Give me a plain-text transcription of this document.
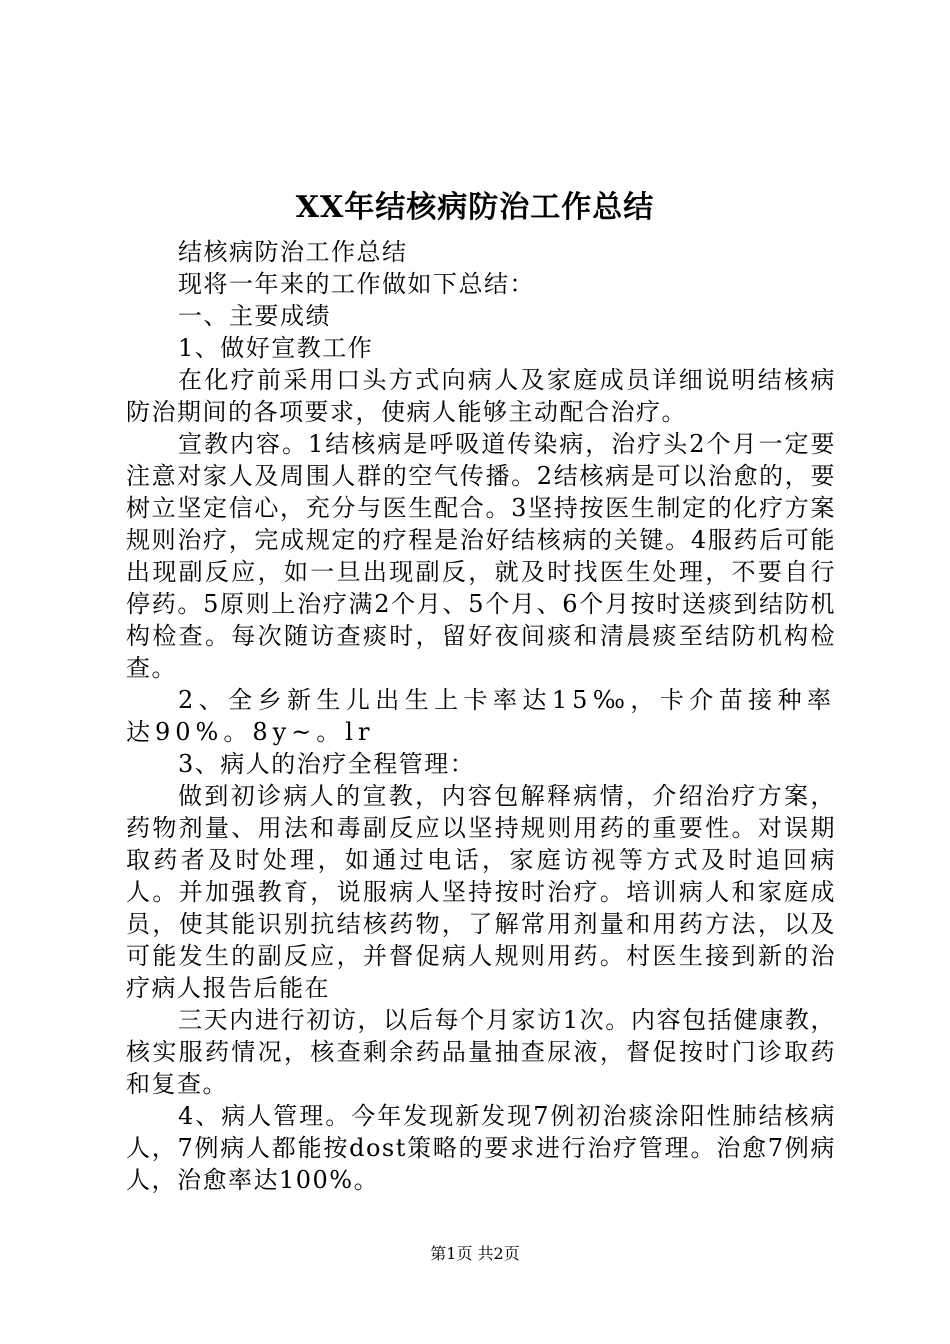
XX年结核病防治工作总结

结核病防治工作总结

现将一年来的工作做如下总结：

一、主要成绩

1、做好宣教工作

在化疗前采用口头方式向病人及家庭成员详细说明结核病防治期间的各项要求，使病人能够主动配合治疗。

宣教内容。1结核病是呼吸道传染病，治疗头2个月一定要注意对家人及周围人群的空气传播。2结核病是可以治愈的，要树立坚定信心，充分与医生配合。3坚持按医生制定的化疗方案规则治疗，完成规定的疗程是治好结核病的关键。4服药后可能出现副反应，如一旦出现副反，就及时找医生处理，不要自行停药。5原则上治疗满2个月、5个月、6个月按时送痰到结防机构检查。每次随访查痰时，留好夜间痰和清晨痰至结防机构检查。

2、全乡新生儿出生上卡率达15‰，卡介苗接种率达90%。8y~。lr

3、病人的治疗全程管理：

做到初诊病人的宣教，内容包解释病情，介绍治疗方案，药物剂量、用法和毒副反应以坚持规则用药的重要性。对误期取药者及时处理，如通过电话，家庭访视等方式及时追回病人。并加强教育，说服病人坚持按时治疗。培训病人和家庭成员，使其能识别抗结核药物，了解常用剂量和用药方法，以及可能发生的副反应，并督促病人规则用药。村医生接到新的治疗病人报告后能在

三天内进行初访，以后每个月家访1次。内容包括健康教，核实服药情况，核查剩余药品量抽查尿液，督促按时门诊取药和复查。

4、病人管理。今年发现新发现7例初治痰涂阳性肺结核病人，7例病人都能按dost策略的要求进行治疗管理。治愈7例病人，治愈率达100%。

第1页 共2页
